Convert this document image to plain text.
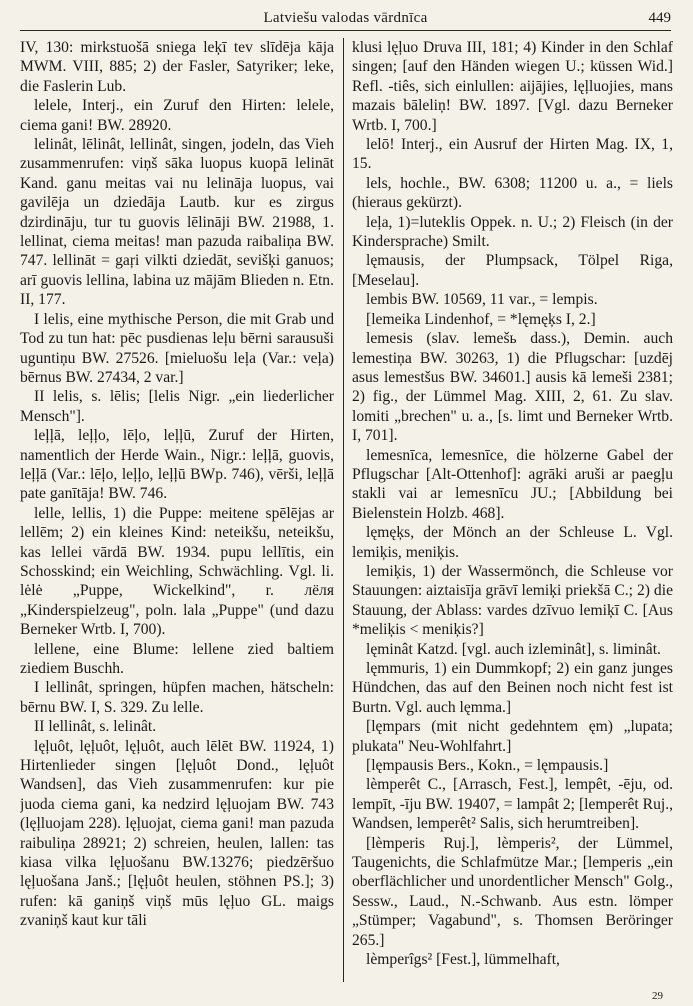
Latviešu valodas vārdnīca	449

IV, 130: mirkstuošā sniega leķī tev slīdēja kāja MWM. VIII, 885; 2) der Fasler, Satyriker; leke, die Faslerin Lub.

lelele, Interj., ein Zuruf den Hirten: lelele, ciema gani! BW. 28920.

lelinât, lēlinât, lellinât, singen, jodeln, das Vieh zusammenrufen: viņš sāka luopus kuopā lelināt Kand. ganu meitas vai nu lelināja luopus, vai gavilēja un dziedāja Lautb. kur es zirgus dzirdināju, tur tu guovis lēlināji BW. 21988, 1. lellinat, ciema meitas! man pazuda raibaliņa BW. 747. lellināt = gaŗi vilkti dziedāt, sevišķi ganuos; arī guovis lellina, labina uz mājām Blieden n. Etn. II, 177.

I lelis, eine mythische Person, die mit Grab und Tod zu tun hat: pēc pusdienas leļu bērni sarausuši uguntiņu BW. 27526. [mieluošu leļa (Var.: veļa) bērnus BW. 27434, 2 var.]

II lelis, s. lēlis; [lelis Nigr. „ein liederlicher Mensch"].

leļļā, leļļo, lēļo, leļļū, Zuruf der Hirten, namentlich der Herde Wain., Nigr.: leļļā, guovis, leļļā (Var.: lēļo, leļļo, leļļū BWp. 746), vērši, leļļā pate ganītāja! BW. 746.

lelle, lellis, 1) die Puppe: meitene spēlējas ar lellēm; 2) ein kleines Kind: neteikšu, neteikšu, kas lellei vārdā BW. 1934. pupu lellītis, ein Schosskind; ein Weichling, Schwächling. Vgl. li. lėlė „Puppe, Wickelkind", r. лёля „Kinderspielzeug", poln. lala „Puppe" (und dazu Berneker Wrtb. I, 700).

lellene, eine Blume: lellene zied baltiem ziediem Buschh.

I lellinât, springen, hüpfen machen, hätscheln: bērnu BW. I, S. 329. Zu lelle.

II lellinât, s. lelinât.

lęļuôt, lęļuôt, lęļuôt, auch lēlēt BW. 11924, 1) Hirtenlieder singen [lęļuôt Dond., lęļuôt Wandsen], das Vieh zusammenrufen: kur pie juoda ciema gani, ka nedzird lęļuojam BW. 743 (lęļluojam 228). lęļuojat, ciema gani! man pazuda raibuliņa 28921; 2) schreien, heulen, lallen: tas kiasa vilka lęļuošanu BW.13276; piedzēršuo lęļuošana Janš.; [lęļuôt heulen, stöhnen PS.]; 3) rufen: kā ganiņš viņš mūs lęļuo GL. maigs zvaniņš kaut kur tāli

klusi lęļuo Druva III, 181; 4) Kinder in den Schlaf singen; [auf den Händen wiegen U.; küssen Wid.] Refl. -tiês, sich einlullen: aijājies, lęļluojies, mans mazais bāleliņ! BW. 1897. [Vgl. dazu Berneker Wrtb. I, 700.]

lelō! Interj., ein Ausruf der Hirten Mag. IX, 1, 15.

lels, hochle., BW. 6308; 11200 u. a., = liels (hieraus gekürzt).

leļa, 1)=luteklis Oppek. n. U.; 2) Fleisch (in der Kindersprache) Smilt.

lęmausis, der Plumpsack, Tölpel Riga, [Meselau].

lembis BW. 10569, 11 var., = lempis.

[lemeika Lindenhof, = *lęmęķs I, 2.]

lemesis (slav. lemešь dass.), Demin. auch lemestiņa BW. 30263, 1) die Pflugschar: [uzdēj asus lemestšus BW. 34601.] ausis kā lemeši 2381; 2) fig., der Lümmel Mag. XIII, 2, 61. Zu slav. lomiti „brechen" u. a., [s. limt und Berneker Wrtb. I, 701].

lemesnīca, lemesnīce, die hölzerne Gabel der Pflugschar [Alt-Ottenhof]: agrāki aruši ar paegļu stakli vai ar lemesnīcu JU.; [Abbildung bei Bielenstein Holzb. 468].

lęmęķs, der Mönch an der Schleuse L. Vgl. lemiķis, meniķis.

lemiķis, 1) der Wassermönch, die Schleuse vor Stauungen: aiztaisīja grāvī lemiķi priekšā C.; 2) die Stauung, der Ablass: vardes dzīvuo lemiķī C. [Aus *meliķis < meniķis?]

lęminât Katzd. [vgl. auch izleminât], s. liminât.

lęmmuris, 1) ein Dummkopf; 2) ein ganz junges Hündchen, das auf den Beinen noch nicht fest ist Burtn. Vgl. auch lęmma.]

[lęmpars (mit nicht gedehntem ęm) „lupata; plukata" Neu-Wohlfahrt.]

[lęmpausis Bers., Kokn., = lęmpausis.]

lèmperêt C., [Arrasch, Fest.], lempêt, -ēju, od. lempīt, -īju BW. 19407, = lampât 2; [lemperêt Ruj., Wandsen, lemperêt² Salis, sich herumtreiben].

[lèmperis Ruj.], lèmperis², der Lümmel, Taugenichts, die Schlafmütze Mar.; [lemperis „ein oberflächlicher und unordentlicher Mensch" Golg., Sessw., Laud., N.-Schwanb. Aus estn. lömper „Stümper; Vagabund", s. Thomsen Beröringer 265.]

lèmperîgs² [Fest.], lümmelhaft,

29
